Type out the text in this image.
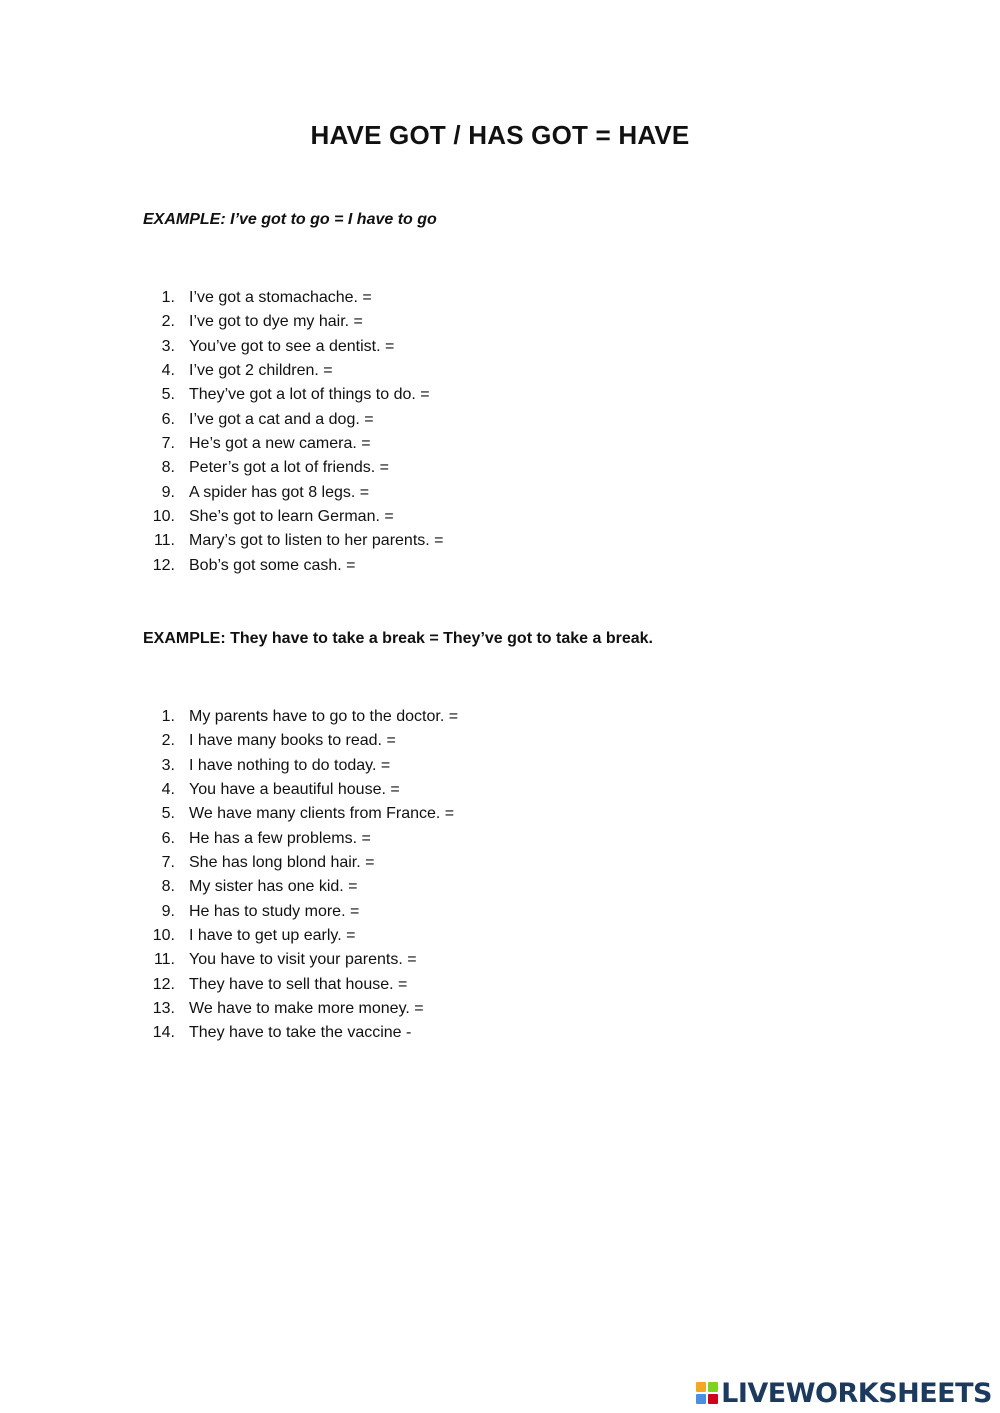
HAVE GOT / HAS GOT = HAVE

EXAMPLE: I’ve got to go = I have to go

1. I’ve got a stomachache. =
2. I’ve got to dye my hair. =
3. You’ve got to see a dentist. =
4. I’ve got 2 children. =
5. They’ve got a lot of things to do. =
6. I’ve got a cat and a dog. =
7. He’s got a new camera. =
8. Peter’s got a lot of friends. =
9. A spider has got 8 legs. =
10. She’s got to learn German. =
11. Mary’s got to listen to her parents. =
12. Bob’s got some cash. =

EXAMPLE: They have to take a break = They’ve got to take a break.

1. My parents have to go to the doctor. =
2. I have many books to read. =
3. I have nothing to do today. =
4. You have a beautiful house. =
5. We have many clients from France. =
6. He has a few problems. =
7. She has long blond hair. =
8. My sister has one kid. =
9. He has to study more. =
10. I have to get up early. =
11. You have to visit your parents. =
12. They have to sell that house. =
13. We have to make more money. =
14. They have to take the vaccine -
LIVEWORKSHEETS
